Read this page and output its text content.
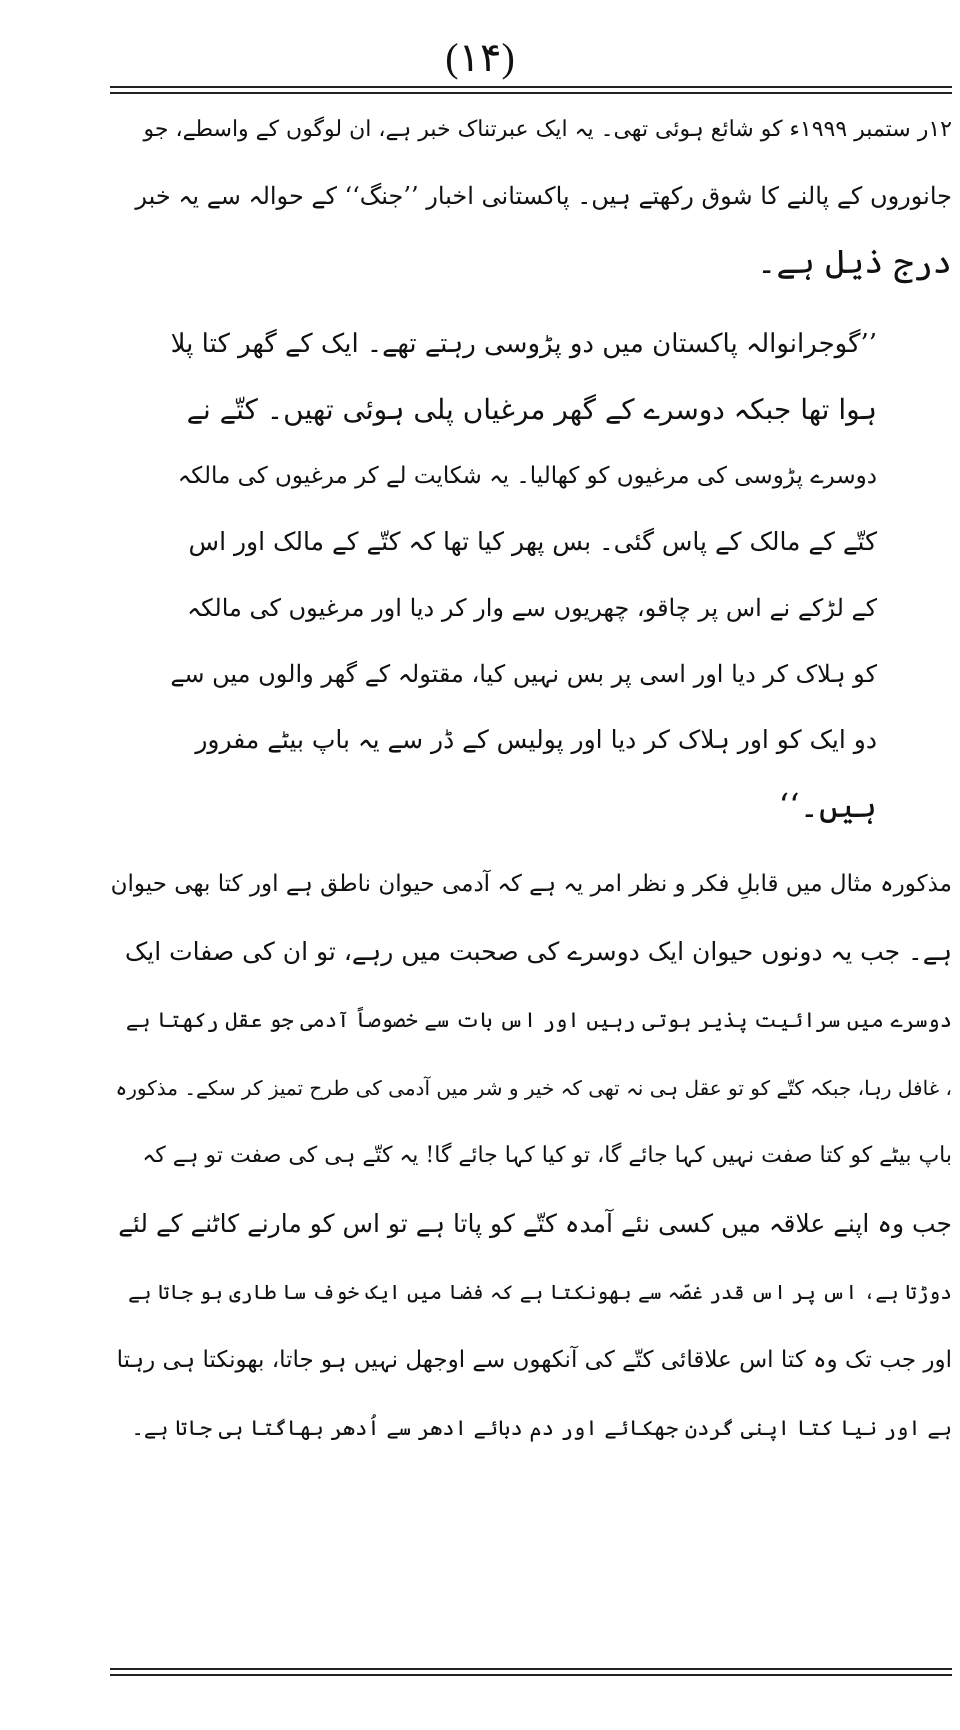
(۱۴)
۱۲ر ستمبر ۱۹۹۹ء کو شائع ہوئی تھی۔ یہ ایک عبرتناک خبر ہے، ان لوگوں کے واسطے، جو
جانوروں کے پالنے کا شوق رکھتے ہیں۔ پاکستانی اخبار ’’جنگ‘‘ کے حوالہ سے یہ خبر
درج ذیل ہے۔
’’گوجرانوالہ پاکستان میں دو پڑوسی رہتے تھے۔ ایک کے گھر کتا پلا
ہوا تھا جبکہ دوسرے کے گھر مرغیاں پلی ہوئی تھیں۔ کتّے نے
دوسرے پڑوسی کی مرغیوں کو کھالیا۔ یہ شکایت لے کر مرغیوں کی مالکہ
کتّے کے مالک کے پاس گئی۔ بس پھر کیا تھا کہ کتّے کے مالک اور اس
کے لڑکے نے اس پر چاقو، چھریوں سے وار کر دیا اور مرغیوں کی مالکہ
کو ہلاک کر دیا اور اسی پر بس نہیں کیا، مقتولہ کے گھر والوں میں سے
دو ایک کو اور ہلاک کر دیا اور پولیس کے ڈر سے یہ باپ بیٹے مفرور
ہیں۔‘‘
مذکورہ مثال میں قابلِ فکر و نظر امر یہ ہے کہ آدمی حیوان ناطق ہے اور کتا بھی حیوان
ہے۔ جب یہ دونوں حیوان ایک دوسرے کی صحبت میں رہے، تو ان کی صفات ایک
دوسرے میں سرائیت پذیر ہوتی رہیں اور اس بات سے خصوصاً آدمی جو عقل رکھتا ہے
، غافل رہا، جبکہ کتّے کو تو عقل ہی نہ تھی کہ خیر و شر میں آدمی کی طرح تمیز کر سکے۔ مذکورہ
باپ بیٹے کو کتا صفت نہیں کہا جائے گا، تو کیا کہا جائے گا! یہ کتّے ہی کی صفت تو ہے کہ
جب وہ اپنے علاقہ میں کسی نئے آمدہ کتّے کو پاتا ہے تو اس کو مارنے کاٹنے کے لئے
دوڑتا ہے، اس پر اس قدر غصّہ سے بھونکتا ہے کہ فضا میں ایک خوف سا طاری ہو جاتا ہے
اور جب تک وہ کتا اس علاقائی کتّے کی آنکھوں سے اوجھل نہیں ہو جاتا، بھونکتا ہی رہتا
ہے اور نیا کتا اپنی گردن جھکائے اور دم دبائے ادھر سے اُدھر بھاگتا ہی جاتا ہے۔
